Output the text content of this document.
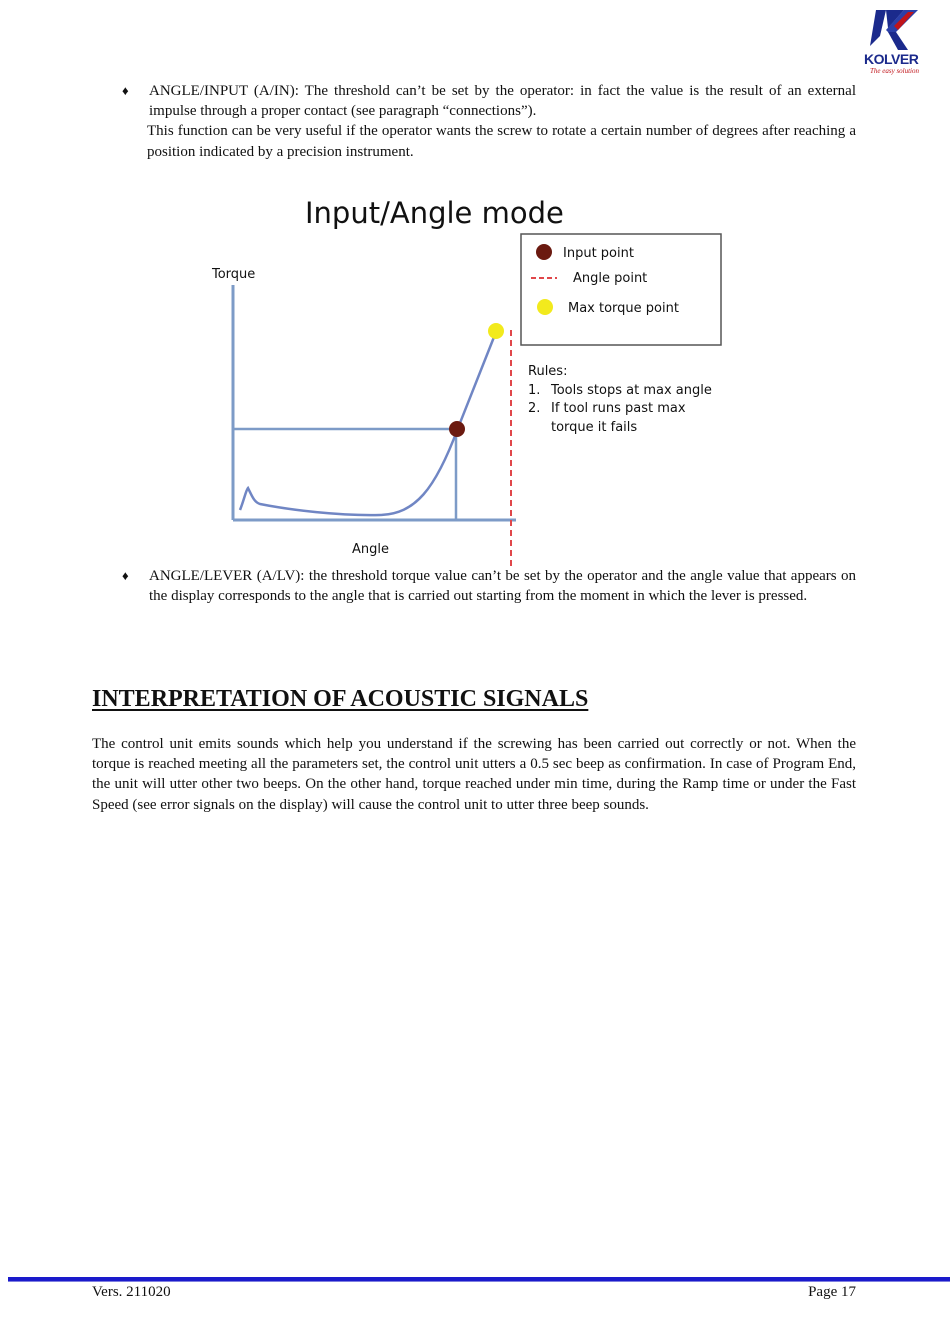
KOLVER
The easy solution
♦ ANGLE/INPUT (A/IN): The threshold can’t be set by the operator: in fact the value is the result of an external impulse through a proper contact (see paragraph “connections”).

This function can be very useful if the operator wants the screw to rotate a certain number of degrees after reaching a position indicated by a precision instrument.

Input/Angle mode
Torque
Angle
Input point
Angle point
Max torque point
Rules:
1. Tools stops at max angle
2. If tool runs past max
torque it fails
♦ ANGLE/LEVER (A/LV): the threshold torque value can’t be set by the operator and the angle value that appears on the display corresponds to the angle that is carried out starting from the moment in which the lever is pressed.

INTERPRETATION OF ACOUSTIC SIGNALS

The control unit emits sounds which help you understand if the screwing has been carried out correctly or not. When the torque is reached meeting all the parameters set, the control unit utters a 0.5 sec beep as confirmation. In case of Program End, the unit will utter other two beeps. On the other hand, torque reached under min time, during the Ramp time or under the Fast Speed (see error signals on the display) will cause the control unit to utter three beep sounds.

Vers. 211020	Page 17
